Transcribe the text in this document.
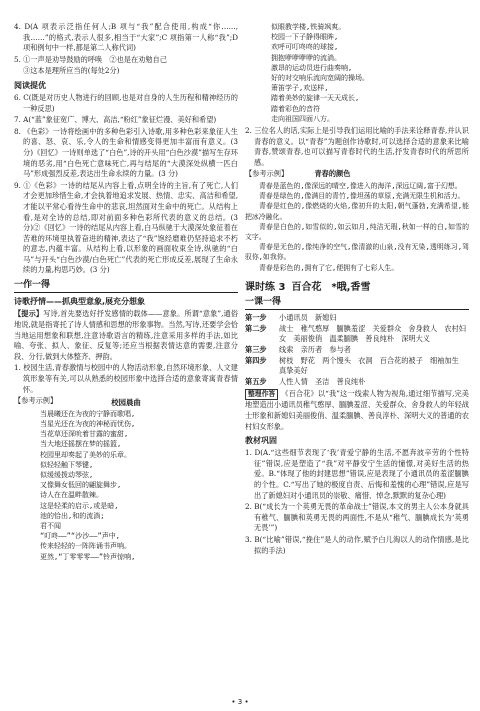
4. D(A 项表示泛指任何人;B 项与“我”配合使用,构成“你……,我……”的格式,表示人很多,相当于“大家”;C 项指第一人称“我”;D 项和例句中一样,都是第二人称代词)

5. ①一声是劝导鼓励的呼唤　②也是在劝勉自己

③这本是理所应当的(每处2分)

阅读提优

6. C(既是对历史人物进行的回顾,也是对自身的人生历程和精神经历的一种反思)

7. A(“蓝”象征宽广、博大、高洁,“粉红”象征烂漫、美好和希望)

8. 《色彩》一诗将绘画中的多种色彩引入诗歌,用多种色彩来象征人生的喜、怒、哀、乐,令人的生命和情感变得更加丰富而有意义。(3 分)《回忆》一诗则单选了“白色”,诗的开头用“白色沙漠”描写生存环境的恶劣,用“白色死亡意味死亡,再与结尾的“大漠深处纵横一匹白马”形成强烈反差,表达出生命永续的力量。(3 分)

9. ①《色彩》一诗的结尾从内容上看,点明全诗的主旨,有了死亡,人们才会更加珍惜生命,才会执着地追求发展、热情、忠实、高洁和希望,才能以平常心看待生命中的悲哀,坦然面对生命中的死亡。从结构上看,是对全诗的总结,即对前面多种色彩所代表的意义的总结。(3 分)②《回忆》一诗的结尾从内容上看,白马纵驰于大漠深处象征着在苦难的环境里执着奋进的精神,表达了“我”饱经磨难仍坚持追求不朽的意志,内蕴丰富。从结构上看,以形象的画面收束全诗,纵驰的“白马”与开头“白色沙漠/白色死亡”代表的死亡形成反差,展现了生命永续的力量,构思巧妙。(3 分)

一作一得
诗歌抒情——抓典型意象,展充分想象

【提示】写诗,首先要选好抒发感情的载体——意象。所谓“意象”,通俗地说,就是指寄托了诗人情感和思想的形象事物。当然,写诗,还要学会恰当地运用想象和联想,注意诗歌语言的精练,注意采用多样的手法,如比喻、夸张、拟人、象征、反复等;还应当根据表情达意的需要,注意分段、分行,做到大体整齐、押韵。

1. 校园生活,青春激情与校园中的人物活动形象,自然环境形象、人文建筑形象等有关,可以从熟悉的校园形象中选择合适的意象寄寓青春情怀。

【参考示例】	校园晨曲

当晨曦还在为夜的宁静而歌唱,

当星光还在为夜的神秘而忧伤,

当花草还深吮着甘露的蜜甜,

当大地还摇摆在梦的摇篮,

校园里却奏起了美妙的乐章。

似轻轻触下琴键,

似缓缓拨动琴弦,

又像舞女低回的翩旋舞步,

诗人在在温畔散辣。

这是轻柔的启示,或是暗,

池的恰出,和的流淌;

君不闻

“叮咚——”“沙沙——”声中,

传来轻轻的一阵阵诵书声响。

更然,“丁零零零——”铃声惊响,

似眼教学楼,铁骑飒爽。

校园一下子静得眼眸,

欢呼可叮咚咚的球接,

拥抱咿咿咿咿的流淌。

激昂的运动员进行曲奏响,

好的对交响乐流向宽阔的操场。

箫笛学子,欢送样,

踏着美妙的旋律一天天成长,

踏着彩色的音符

走向祖国四面八方。

2. 三位名人的话,实际上是引导我们运用比喻的手法来诠释青春,并认识青春的意义。以“青春”为题创作诗歌时,可以选择合适的意象来比喻青春,赞颂青春,也可以描写青春时代的生活,抒发青春时代的所思所感。

【参考示例】	青春的颜色

青春是蓝色的,像深远的晴空,像进入的海洋,深远辽阔,富于幻想。

青春是绿色的,像满目的青竹,像坦荡的草原,充满无限生机和活力。

青春是红色的,像燃烧的火焰,像初升的太阳,朝气蓬勃,充满希望,能把冰冷融化。

青春是白色的,如雪似的,如云如月,纯洁无瑕,秋如一样的白,如雪的文字。

青春是无色的,像纯净的空气,像清澈的山泉,没有无染,透明练习,驾驭你,如我你。

青春是彩色的,拥有了它,便拥有了七彩人生。

课时练 3 百合花　*哦,香雪
一课一得
第一步	小通讯员　新媳妇
第二步	战士　稚气憨厚　腼腆羞涩　关爱群众　舍身救人　农村妇女　美丽俊俏　温柔腼腆　善良纯朴　深明大义
第三步	线索　亲历者　参与者
第四步	树枝　野花　两个馒头　衣洞　百合花的被子　细袖加生　真挚美好
第五步	人性人情　圣洁　善良纯朴

整理作答 《百合花》以“我”这一线索人物为视角,通过细节描写,完美地塑造出小通讯员稚气憨厚、腼腆羞涩、关爱群众、舍身救人的年轻战士形象和新媳妇美丽俊俏、温柔腼腆、善良淳朴、深明大义的普通的农村妇女形象。

教材巩固

1. D(A.“这些细节表现了‘我’青爱宁静的生活,不愿奔波辛劳的个性特征”错误,应是塑造了“我”对平静安宁生活的憧憬,对美好生活的热爱。B.“体现了他的封建思想”错误,应是表现了小通讯员的羞涩腼腆的个性。C.“写出了她的极度自责、后悔和羞愧的心理”错误,应是写出了新媳妇对小通讯员的崇敬、痛惜、悼念,默默的复杂心理)

2. B(“成长为一个英勇无畏的革命战士”错误,本文的男主人公本身就具有稚气、腼腆和英勇无畏的两面性,不是从“稚气、腼腆成长为‘英勇无畏’”)

3. B(“比喻”错误,“挽住”是人的动作,赋予白儿淘以人的动作情感,是比拟的手法)

• 3 •
